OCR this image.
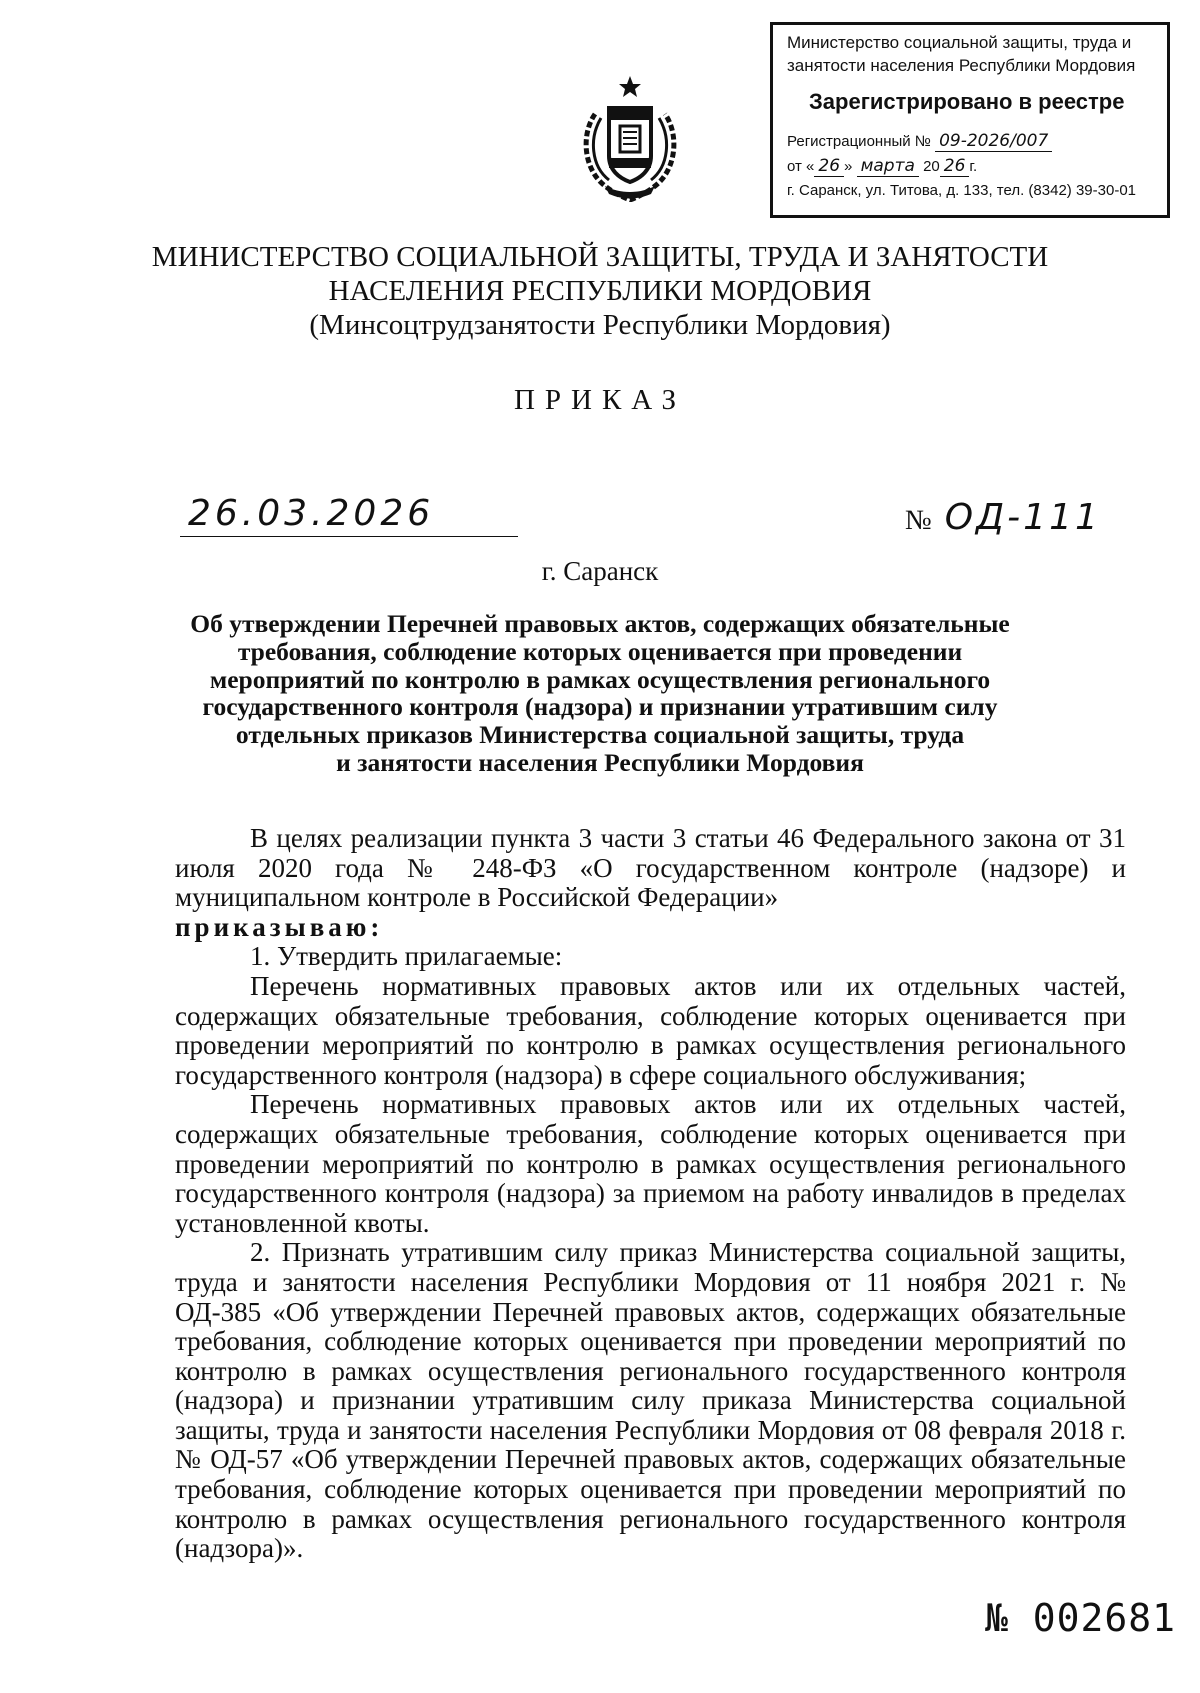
Министерство социальной защиты, труда и
занятости населения Республики Мордовия
Зарегистрировано в реестре
Регистрационный № 09-2026/007
от « 26 » марта 20 26 г.
г. Саранск, ул. Титова, д. 133, тел. (8342) 39-30-01
МИНИСТЕРСТВО СОЦИАЛЬНОЙ ЗАЩИТЫ, ТРУДА И ЗАНЯТОСТИ
НАСЕЛЕНИЯ РЕСПУБЛИКИ МОРДОВИЯ
(Минсоцтрудзанятости Республики Мордовия)
ПРИКАЗ
26.03.2026	№ ОД-111
г. Саранск
Об утверждении Перечней правовых актов, содержащих обязательные
требования, соблюдение которых оценивается при проведении
мероприятий по контролю в рамках осуществления регионального
государственного контроля (надзора) и признании утратившим силу
отдельных приказов Министерства социальной защиты, труда
и занятости населения Республики Мордовия

В целях реализации пункта 3 части 3 статьи 46 Федерального закона от 31 июля 2020 года № 248-ФЗ «О государственном контроле (надзоре) и муниципальном контроле в Российской Федерации»

приказываю:

1. Утвердить прилагаемые:

Перечень нормативных правовых актов или их отдельных частей, содержащих обязательные требования, соблюдение которых оценивается при проведении мероприятий по контролю в рамках осуществления регионального государственного контроля (надзора) в сфере социального обслуживания;

Перечень нормативных правовых актов или их отдельных частей, содержащих обязательные требования, соблюдение которых оценивается при проведении мероприятий по контролю в рамках осуществления регионального государственного контроля (надзора) за приемом на работу инвалидов в пределах установленной квоты.

2. Признать утратившим силу приказ Министерства социальной защиты, труда и занятости населения Республики Мордовия от 11 ноября 2021 г. № ОД-385 «Об утверждении Перечней правовых актов, содержащих обязательные требования, соблюдение которых оценивается при проведении мероприятий по контролю в рамках осуществления регионального государственного контроля (надзора) и признании утратившим силу приказа Министерства социальной защиты, труда и занятости населения Республики Мордовия от 08 февраля 2018 г. № ОД-57 «Об утверждении Перечней правовых актов, содержащих обязательные требования, соблюдение которых оценивается при проведении мероприятий по контролю в рамках осуществления регионального государственного контроля (надзора)».

№ 002681
